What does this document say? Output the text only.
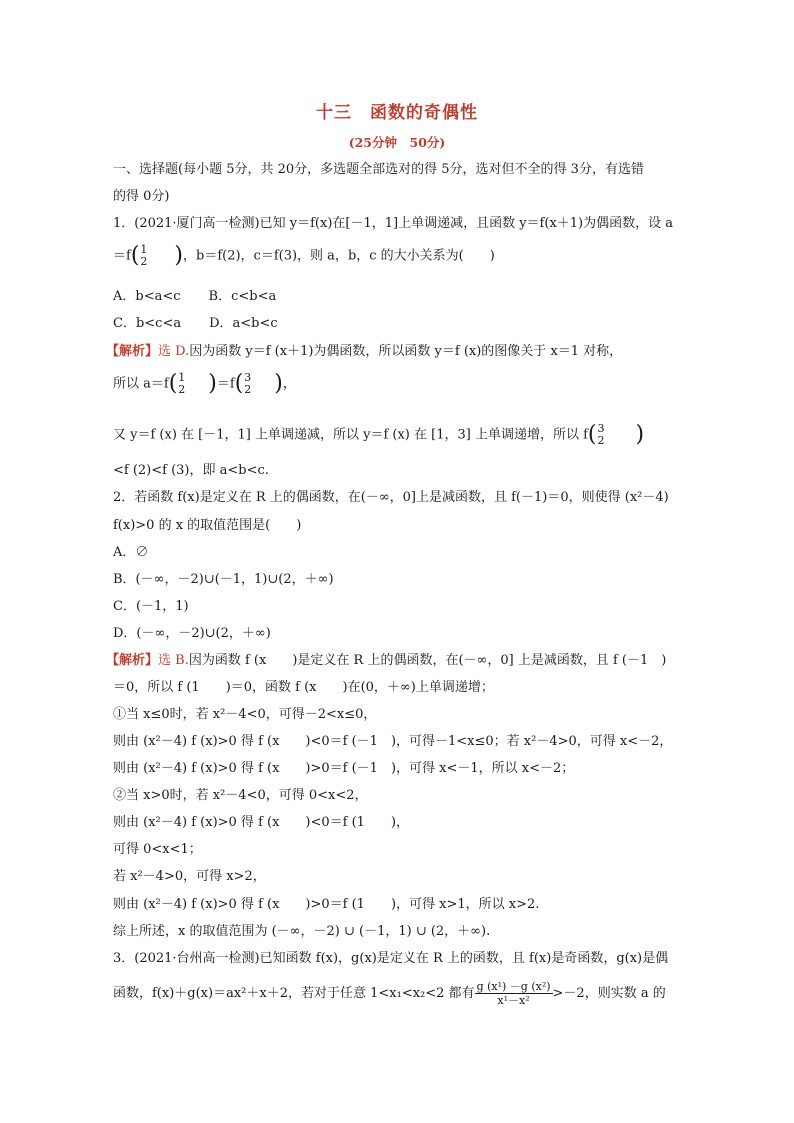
十三　函数的奇偶性
(25分钟　50分)
一、选择题(每小题 5分，共 20分，多选题全部选对的得 5分，选对但不全的得 3分，有选错
的得 0分)
1．(2021·厦门高一检测)已知 y＝f(x)在[－1，1]上单调递减，且函数 y＝f(x＋1)为偶函数，设 a
＝f( 1
2 )，b＝f(2)，c＝f(3)，则 a，b，c 的大小关系为(　　)
A．b<a<c B．c<b<a
C．b<c<a D．a<b<c
【解析】选 D.因为函数 y＝f (x＋1)为偶函数，所以函数 y＝f (x)的图像关于 x＝1 对称，
所以 a＝f( 1
2 )＝f( 3
2 )，
又 y＝f (x) 在 [－1，1] 上单调递减，所以 y＝f (x) 在 [1，3] 上单调递增，所以 f( 3
2 )
<f (2)<f (3)，即 a<b<c.
2．若函数 f(x)是定义在 R 上的偶函数，在(－∞，0]上是减函数，且 f(－1)＝0，则使得 (x²－4)
f(x)>0 的 x 的取值范围是(　　)
A．∅
B．(－∞，－2)∪(－1，1)∪(2，＋∞)
C．(－1，1)
D．(－∞，－2)∪(2，＋∞)
【解析】选 B.因为函数 f (x　　)是定义在 R 上的偶函数，在(－∞，0] 上是减函数，且 f (－1　)
＝0，所以 f (1　　)＝0，函数 f (x　　)在(0，＋∞)上单调递增；
①当 x≤0时，若 x²－4<0，可得－2<x≤0，
则由 (x²－4) f (x)>0 得 f (x　　)<0＝f (－1　)，可得－1<x≤0；若 x²－4>0，可得 x<－2，
则由 (x²－4) f (x)>0 得 f (x　　)>0＝f (－1　)，可得 x<－1，所以 x<－2；
②当 x>0时，若 x²－4<0，可得 0<x<2，
则由 (x²－4) f (x)>0 得 f (x　　)<0＝f (1　　)，
可得 0<x<1；
若 x²－4>0，可得 x>2，
则由 (x²－4) f (x)>0 得 f (x　　)>0＝f (1　　)，可得 x>1，所以 x>2.
综上所述，x 的取值范围为 (－∞，－2) ∪ (－1，1) ∪ (2，＋∞).
3．(2021·台州高一检测)已知函数 f(x)，g(x)是定义在 R 上的函数，且 f(x)是奇函数，g(x)是偶
函数，f(x)＋g(x)＝ax²＋x＋2，若对于任意 1<x₁<x₂<2 都有 $\frac{\text{g (x¹) －g (x²)}}{\text{x¹－x²}} >-2$，则实数 a 的
